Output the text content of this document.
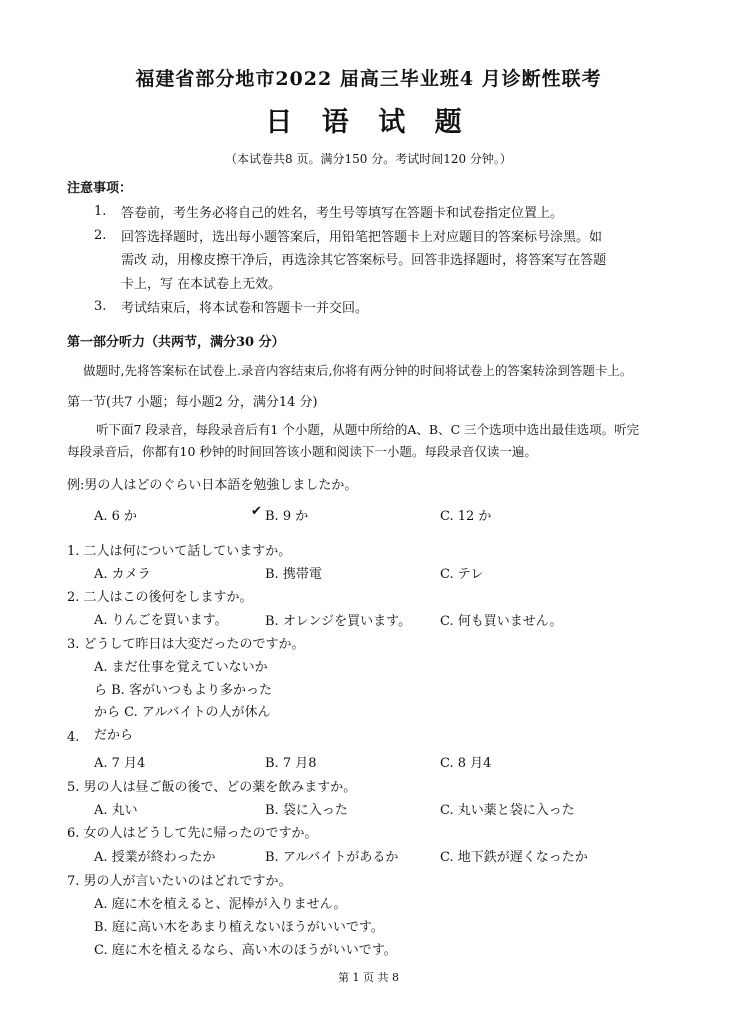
福建省部分地市2022 届高三毕业班4 月诊断性联考
日 语 试 题
（本试卷共8 页。满分150 分。考试时间120 分钟。）
注意事项：
1. 答卷前，考生务必将自己的姓名，考生号等填写在答题卡和试卷指定位置上。
2. 回答选择题时，选出每小题答案后，用铅笔把答题卡上对应题目的答案标号涂黑。如
需改 动，用橡皮擦干净后，再选涂其它答案标号。回答非选择题时，将答案写在答题
卡上，写 在本试卷上无效。
3. 考试结束后，将本试卷和答题卡一并交回。
第一部分听力（共两节，满分30 分）
做题时,先将答案标在试卷上.录音内容结束后,你将有两分钟的时间将试卷上的答案转涂到答题卡上。
第一节(共7 小题；每小题2 分，满分14 分)
听下面7 段录音，每段录音后有1 个小题，从题中所给的A、B、C 三个选项中选出最佳选项。听完
每段录音后，你都有10 秒钟的时间回答该小题和阅读下一小题。每段录音仅读一遍。
例:男の人はどのぐらい日本語を勉強しましたか。
A. 6 か	✔ B. 9 か	C. 12 か
1. 二人は何について話していますか。
A. カメラ	B. 携帯電	C. テレ
2. 二人はこの後何をしますか。
A. りんごを買います。	B. オレンジを買います。 C. 何も買いません。
3. どうして昨日は大変だったのですか。
A. まだ仕事を覚えていないか
ら B. 客がいつもより多かった
から C. アルバイトの人が休ん
だから
4.
A. 7 月4	B. 7 月8	C. 8 月4
5. 男の人は昼ご飯の後で、どの薬を飲みますか。
A. 丸い	B. 袋に入った	C. 丸い薬と袋に入った
6. 女の人はどうして先に帰ったのですか。
A. 授業が終わったか	B. アルバイトがあるか	C. 地下鉄が遅くなったか
7. 男の人が言いたいのはどれですか。
A. 庭に木を植えると、泥棒が入りません。
B. 庭に高い木をあまり植えないほうがいいです。
C. 庭に木を植えるなら、高い木のほうがいいです。
第 1 页 共 8
